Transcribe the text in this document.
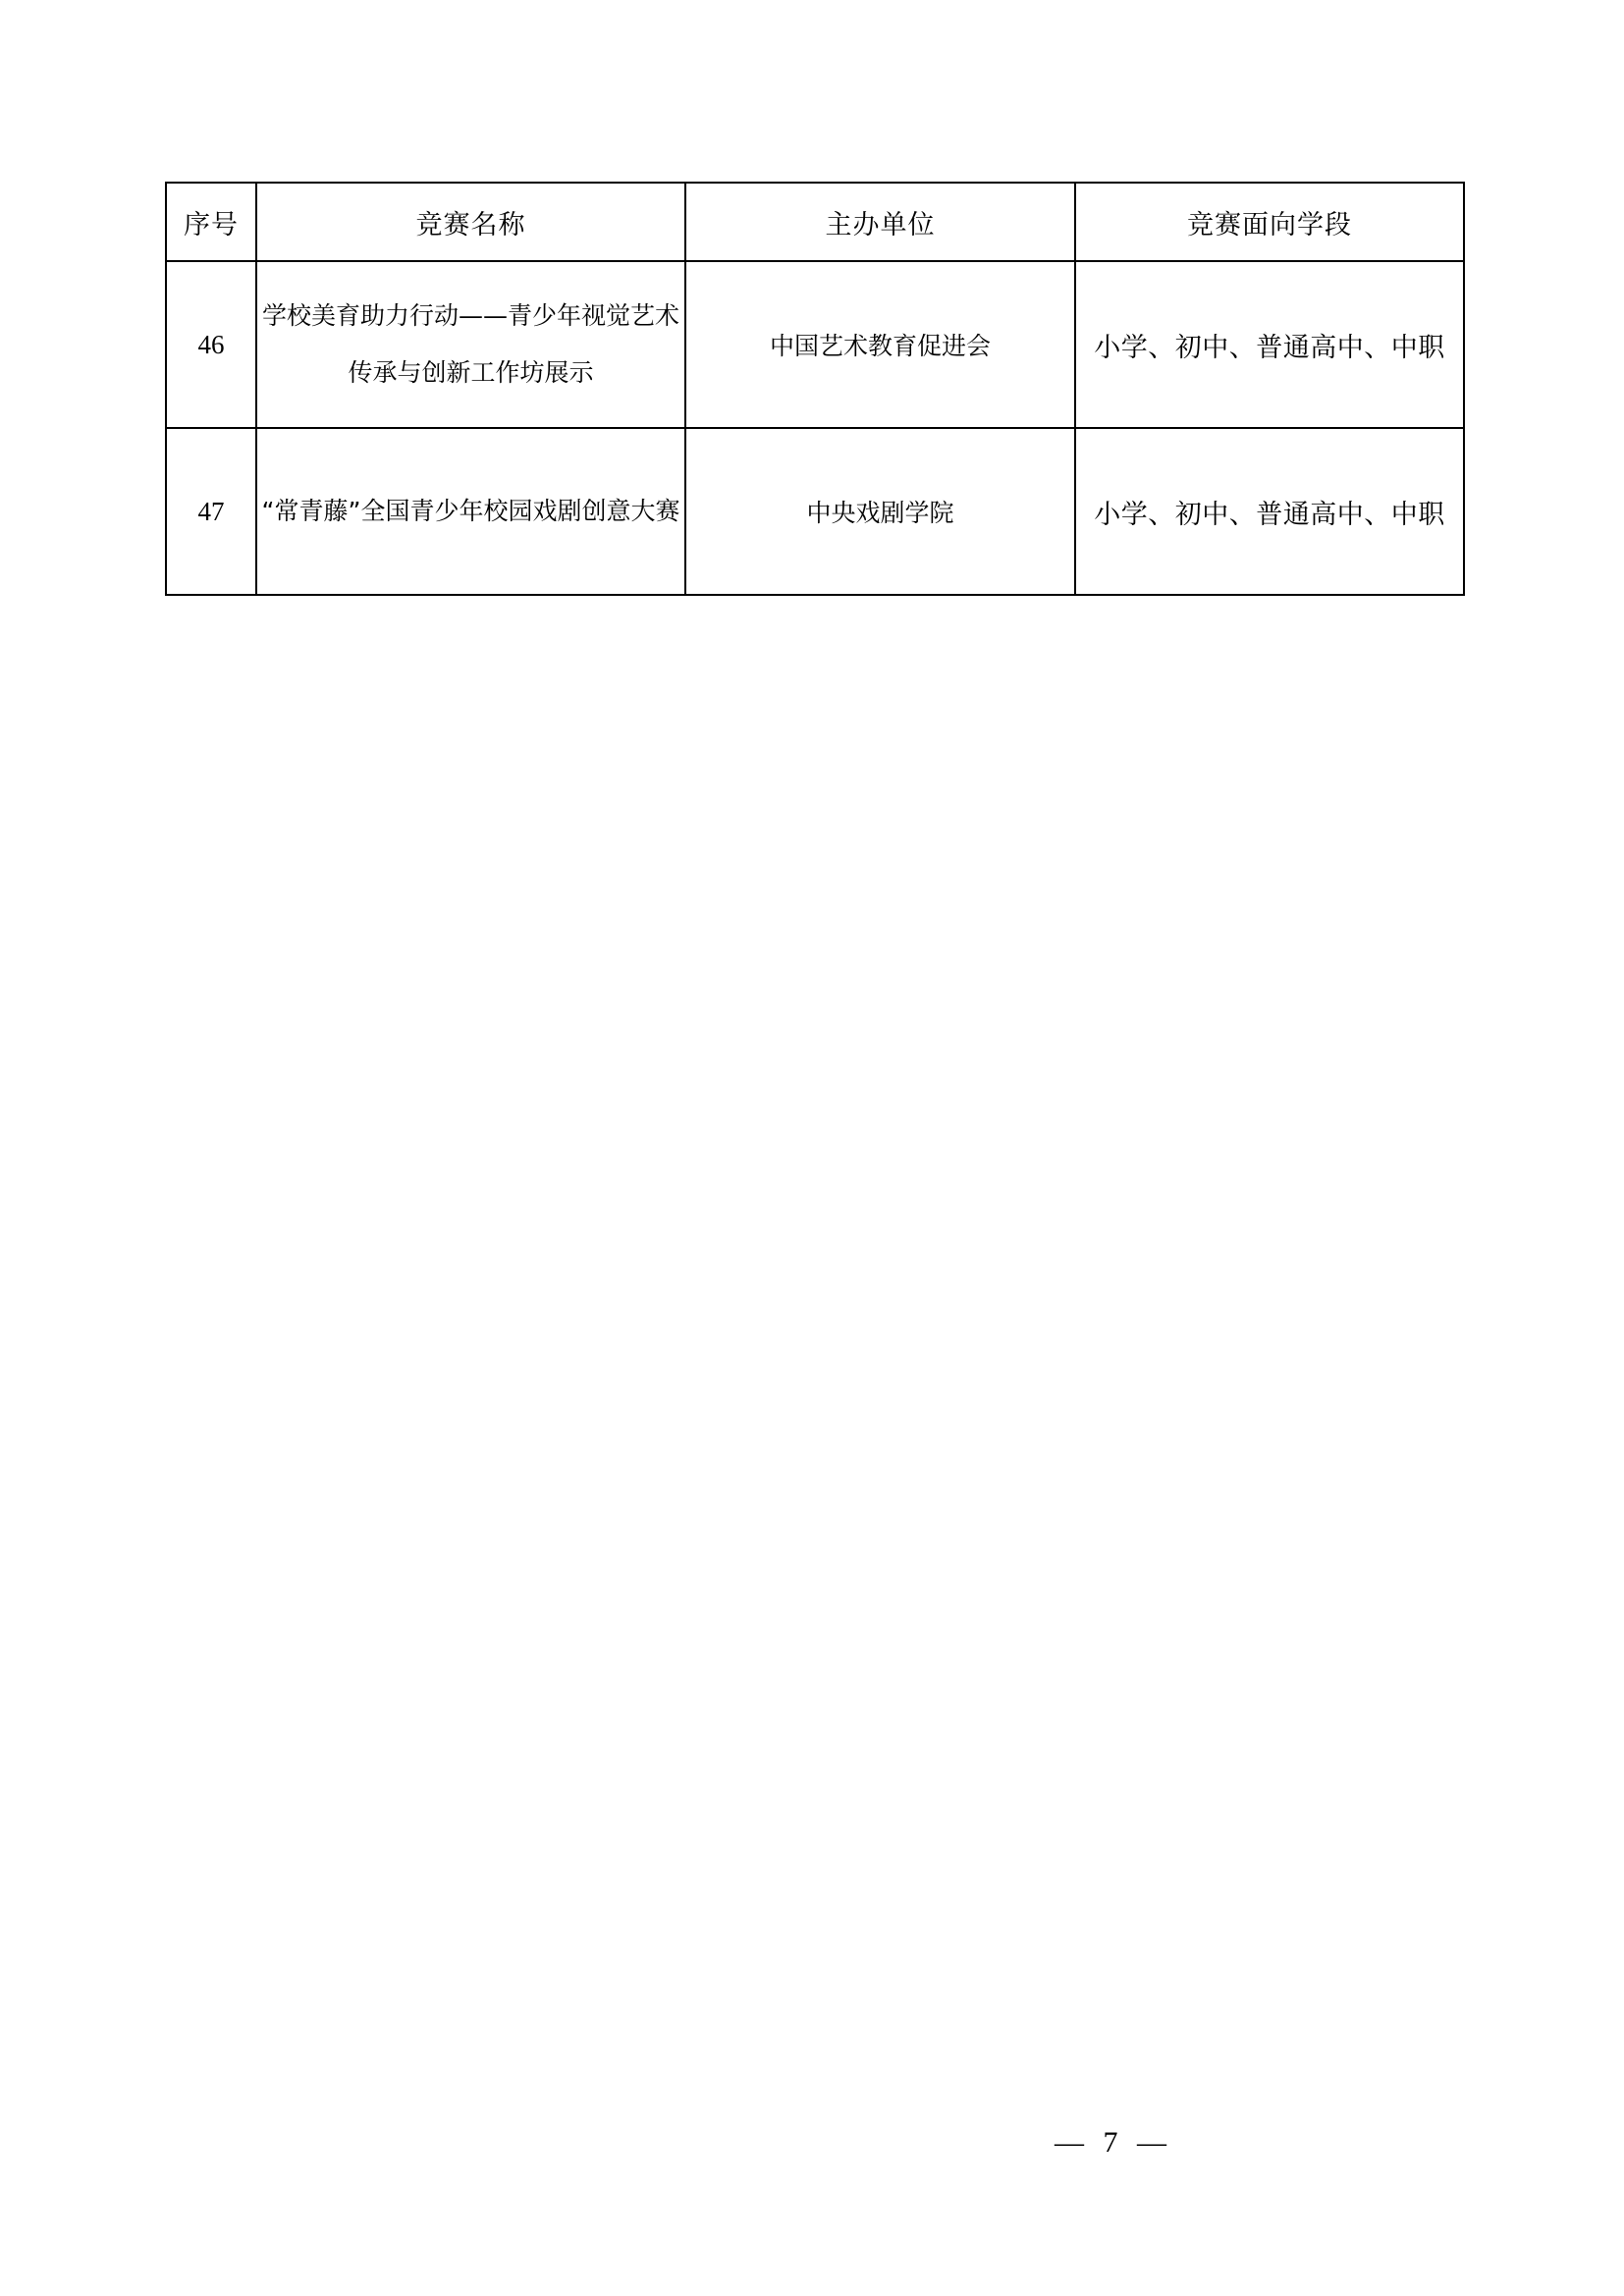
序号	竞赛名称	主办单位	竞赛面向学段
46	学校美育助力行动——青少年视觉艺术传承与创新工作坊展示	中国艺术教育促进会	小学、初中、普通高中、中职
47	“常青藤”全国青少年校园戏剧创意大赛	中央戏剧学院	小学、初中、普通高中、中职
— 7 —
